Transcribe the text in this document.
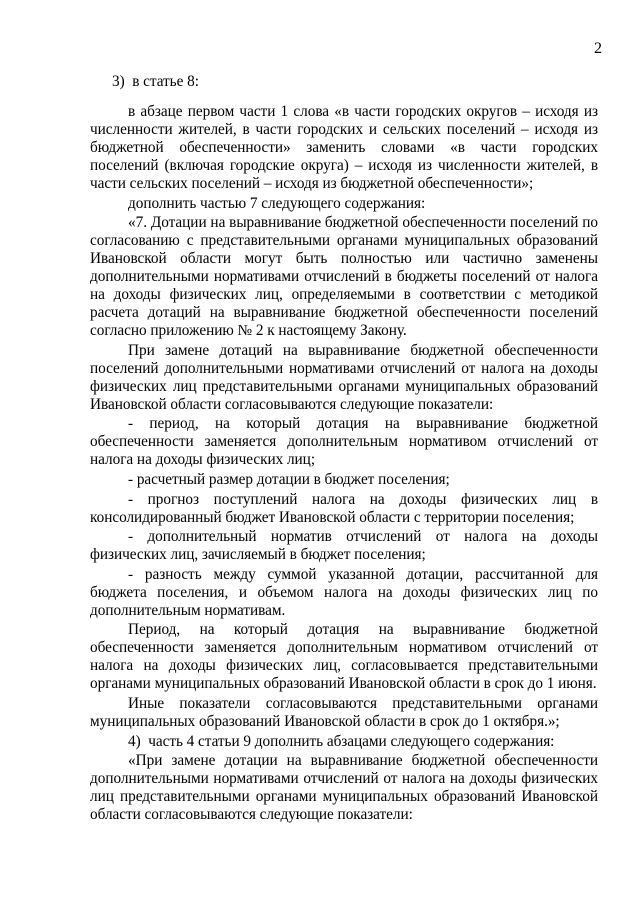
2

3)  в статье 8:

в абзаце первом части 1 слова «в части городских округов – исходя из численности жителей, в части городских и сельских поселений – исходя из бюджетной обеспеченности» заменить словами «в части городских поселений (включая городские округа) – исходя из численности жителей, в части сельских поселений – исходя из бюджетной обеспеченности»;

дополнить частью 7 следующего содержания:

«7. Дотации на выравнивание бюджетной обеспеченности поселений по согласованию с представительными органами муниципальных образований Ивановской области могут быть полностью или частично заменены дополнительными нормативами отчислений в бюджеты поселений от налога на доходы физических лиц, определяемыми в соответствии с методикой расчета дотаций на выравнивание бюджетной обеспеченности поселений согласно приложению № 2 к настоящему Закону.

При замене дотаций на выравнивание бюджетной обеспеченности поселений дополнительными нормативами отчислений от налога на доходы физических лиц представительными органами муниципальных образований Ивановской области согласовываются следующие показатели:

- период, на который дотация на выравнивание бюджетной обеспеченности заменяется дополнительным нормативом отчислений от налога на доходы физических лиц;

- расчетный размер дотации в бюджет поселения;

- прогноз поступлений налога на доходы физических лиц в консолидированный бюджет Ивановской области с территории поселения;

- дополнительный норматив отчислений от налога на доходы физических лиц, зачисляемый в бюджет поселения;

- разность между суммой указанной дотации, рассчитанной для бюджета поселения, и объемом налога на доходы физических лиц по дополнительным нормативам.

Период, на который дотация на выравнивание бюджетной обеспеченности заменяется дополнительным нормативом отчислений от налога на доходы физических лиц, согласовывается представительными органами муниципальных образований Ивановской области в срок до 1 июня.

Иные показатели согласовываются представительными органами муниципальных образований Ивановской области в срок до 1 октября.»;

4)  часть 4 статьи 9 дополнить абзацами следующего содержания:

«При замене дотации на выравнивание бюджетной обеспеченности дополнительными нормативами отчислений от налога на доходы физических лиц представительными органами муниципальных образований Ивановской области согласовываются следующие показатели:
